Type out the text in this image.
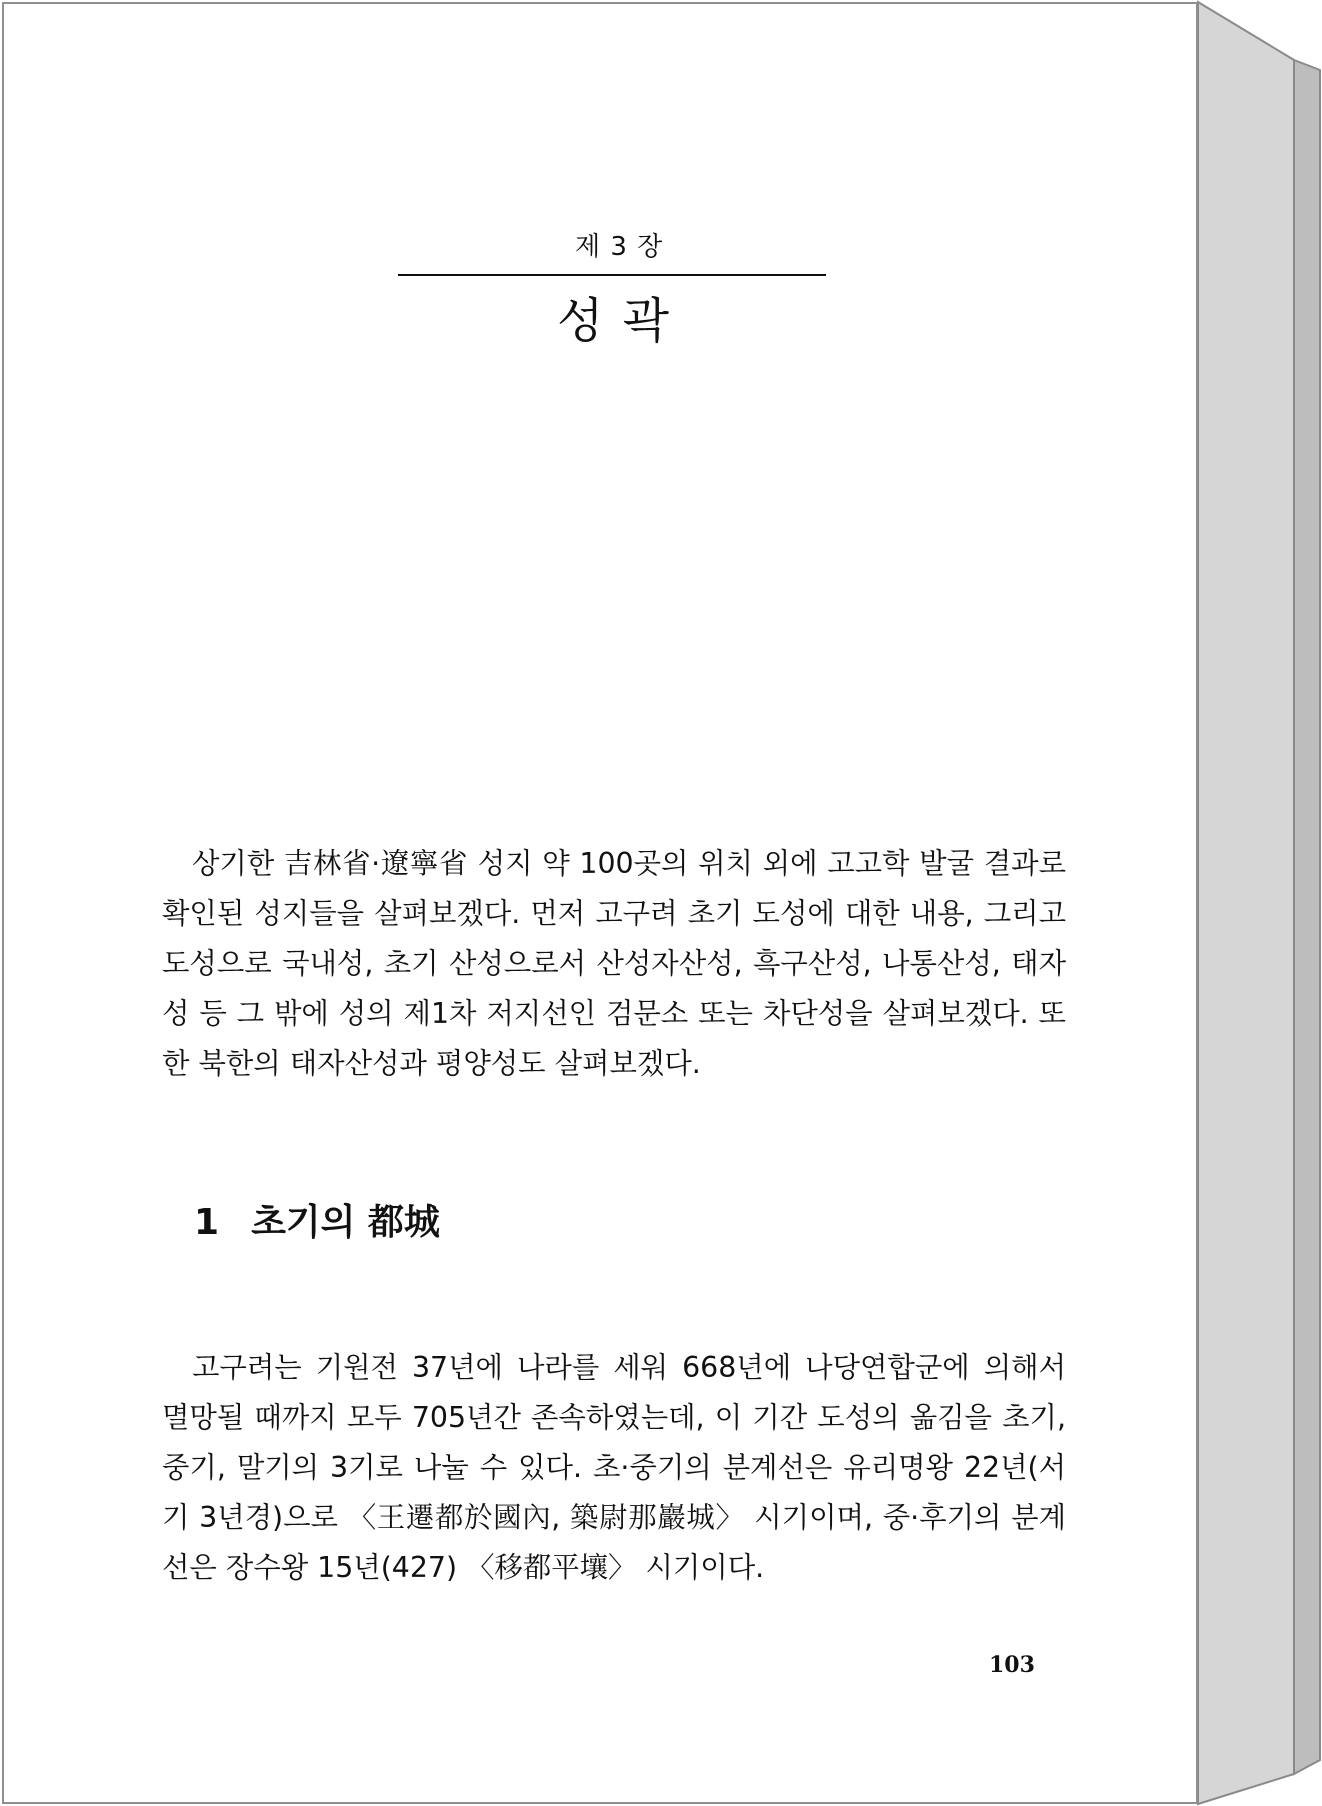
제 3 장
성 곽
상기한 吉林省·遼寧省 성지 약 100곳의 위치 외에 고고학 발굴 결과로 확인된 성지들을 살펴보겠다. 먼저 고구려 초기 도성에 대한 내용, 그리고 도성으로 국내성, 초기 산성으로서 산성자산성, 흑구산성, 나통산성, 태자성 등 그 밖에 성의 제1차 저지선인 검문소 또는 차단성을 살펴보겠다. 또한 북한의 태자산성과 평양성도 살펴보겠다.
1 초기의 都城
고구려는 기원전 37년에 나라를 세워 668년에 나당연합군에 의해서 멸망될 때까지 모두 705년간 존속하였는데, 이 기간 도성의 옮김을 초기, 중기, 말기의 3기로 나눌 수 있다. 초·중기의 분계선은 유리명왕 22년(서기 3년경)으로 〈王遷都於國內, 築尉那巖城〉 시기이며, 중·후기의 분계선은 장수왕 15년(427) 〈移都平壤〉 시기이다.
103
